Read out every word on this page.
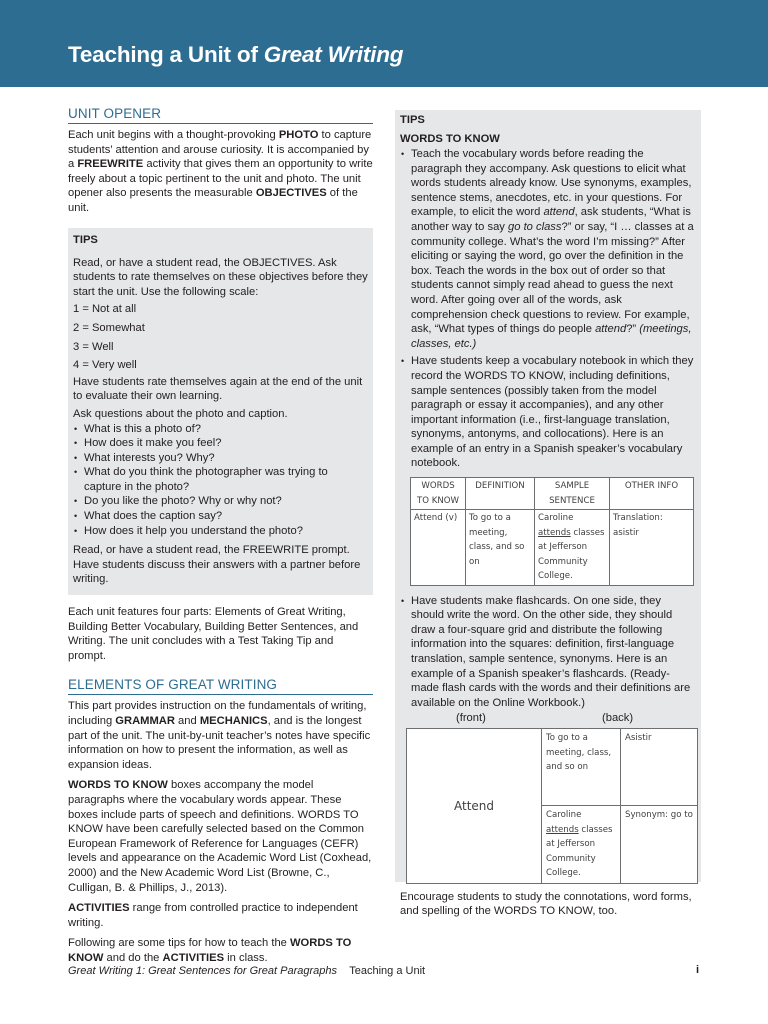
Teaching a Unit of Great Writing
UNIT OPENER

Each unit begins with a thought-provoking PHOTO to capture students’ attention and arouse curiosity. It is accompanied by a FREEWRITE activity that gives them an opportunity to write freely about a topic pertinent to the unit and photo. The unit opener also presents the measurable OBJECTIVES of the unit.

TIPS

Read, or have a student read, the OBJECTIVES. Ask students to rate themselves on these objectives before they start the unit. Use the following scale:

1 = Not at all

2 = Somewhat

3 = Well

4 = Very well

Have students rate themselves again at the end of the unit to evaluate their own learning.

Ask questions about the photo and caption.

• What is this a photo of?
• How does it make you feel?
• What interests you? Why?
• What do you think the photographer was trying to capture in the photo?
• Do you like the photo? Why or why not?
• What does the caption say?
• How does it help you understand the photo?

Read, or have a student read, the FREEWRITE prompt. Have students discuss their answers with a partner before writing.

Each unit features four parts: Elements of Great Writing, Building Better Vocabulary, Building Better Sentences, and Writing. The unit concludes with a Test Taking Tip and prompt.

ELEMENTS OF GREAT WRITING

This part provides instruction on the fundamentals of writing, including GRAMMAR and MECHANICS, and is the longest part of the unit. The unit-by-unit teacher’s notes have specific information on how to present the information, as well as expansion ideas.

WORDS TO KNOW boxes accompany the model paragraphs where the vocabulary words appear. These boxes include parts of speech and definitions. WORDS TO KNOW have been carefully selected based on the Common European Framework of Reference for Languages (CEFR) levels and appearance on the Academic Word List (Coxhead, 2000) and the New Academic Word List (Browne, C., Culligan, B. & Phillips, J., 2013).

ACTIVITIES range from controlled practice to independent writing.

Following are some tips for how to teach the WORDS TO KNOW and do the ACTIVITIES in class.

TIPS
WORDS TO KNOW
• Teach the vocabulary words before reading the paragraph they accompany. Ask questions to elicit what words students already know. Use synonyms, examples, sentence stems, anecdotes, etc. in your questions. For example, to elicit the word attend, ask students, “What is another way to say go to class?” or say, “I … classes at a community college. What’s the word I’m missing?” After eliciting or saying the word, go over the definition in the box. Teach the words in the box out of order so that students cannot simply read ahead to guess the next word. After going over all of the words, ask comprehension check questions to review. For example, ask, “What types of things do people attend?” (meetings, classes, etc.)
• Have students keep a vocabulary notebook in which they record the WORDS TO KNOW, including definitions, sample sentences (possibly taken from the model paragraph or essay it accompanies), and any other important information (i.e., first-language translation, synonyms, antonyms, and collocations). Here is an example of an entry in a Spanish speaker’s vocabulary notebook.
WORDS TO KNOW	DEFINITION	SAMPLE SENTENCE	OTHER INFO
Attend (v)	To go to a meeting, class, and so on	Caroline attends classes at Jefferson Community College.	Translation: asistir
• Have students make flashcards. On one side, they should write the word. On the other side, they should draw a four-square grid and distribute the following information into the squares: definition, first-language translation, sample sentence, synonyms. Here is an example of a Spanish speaker’s flashcards. (Ready-made flash cards with the words and their definitions are available on the Online Workbook.)
(front)	(back)
Attend	To go to a meeting, class, and so on	Asistir
	Caroline attends classes at Jefferson Community College.	Synonym: go to

Encourage students to study the connotations, word forms, and spelling of the WORDS TO KNOW, too.

Great Writing 1: Great Sentences for Great Paragraphs Teaching a Unit	i
